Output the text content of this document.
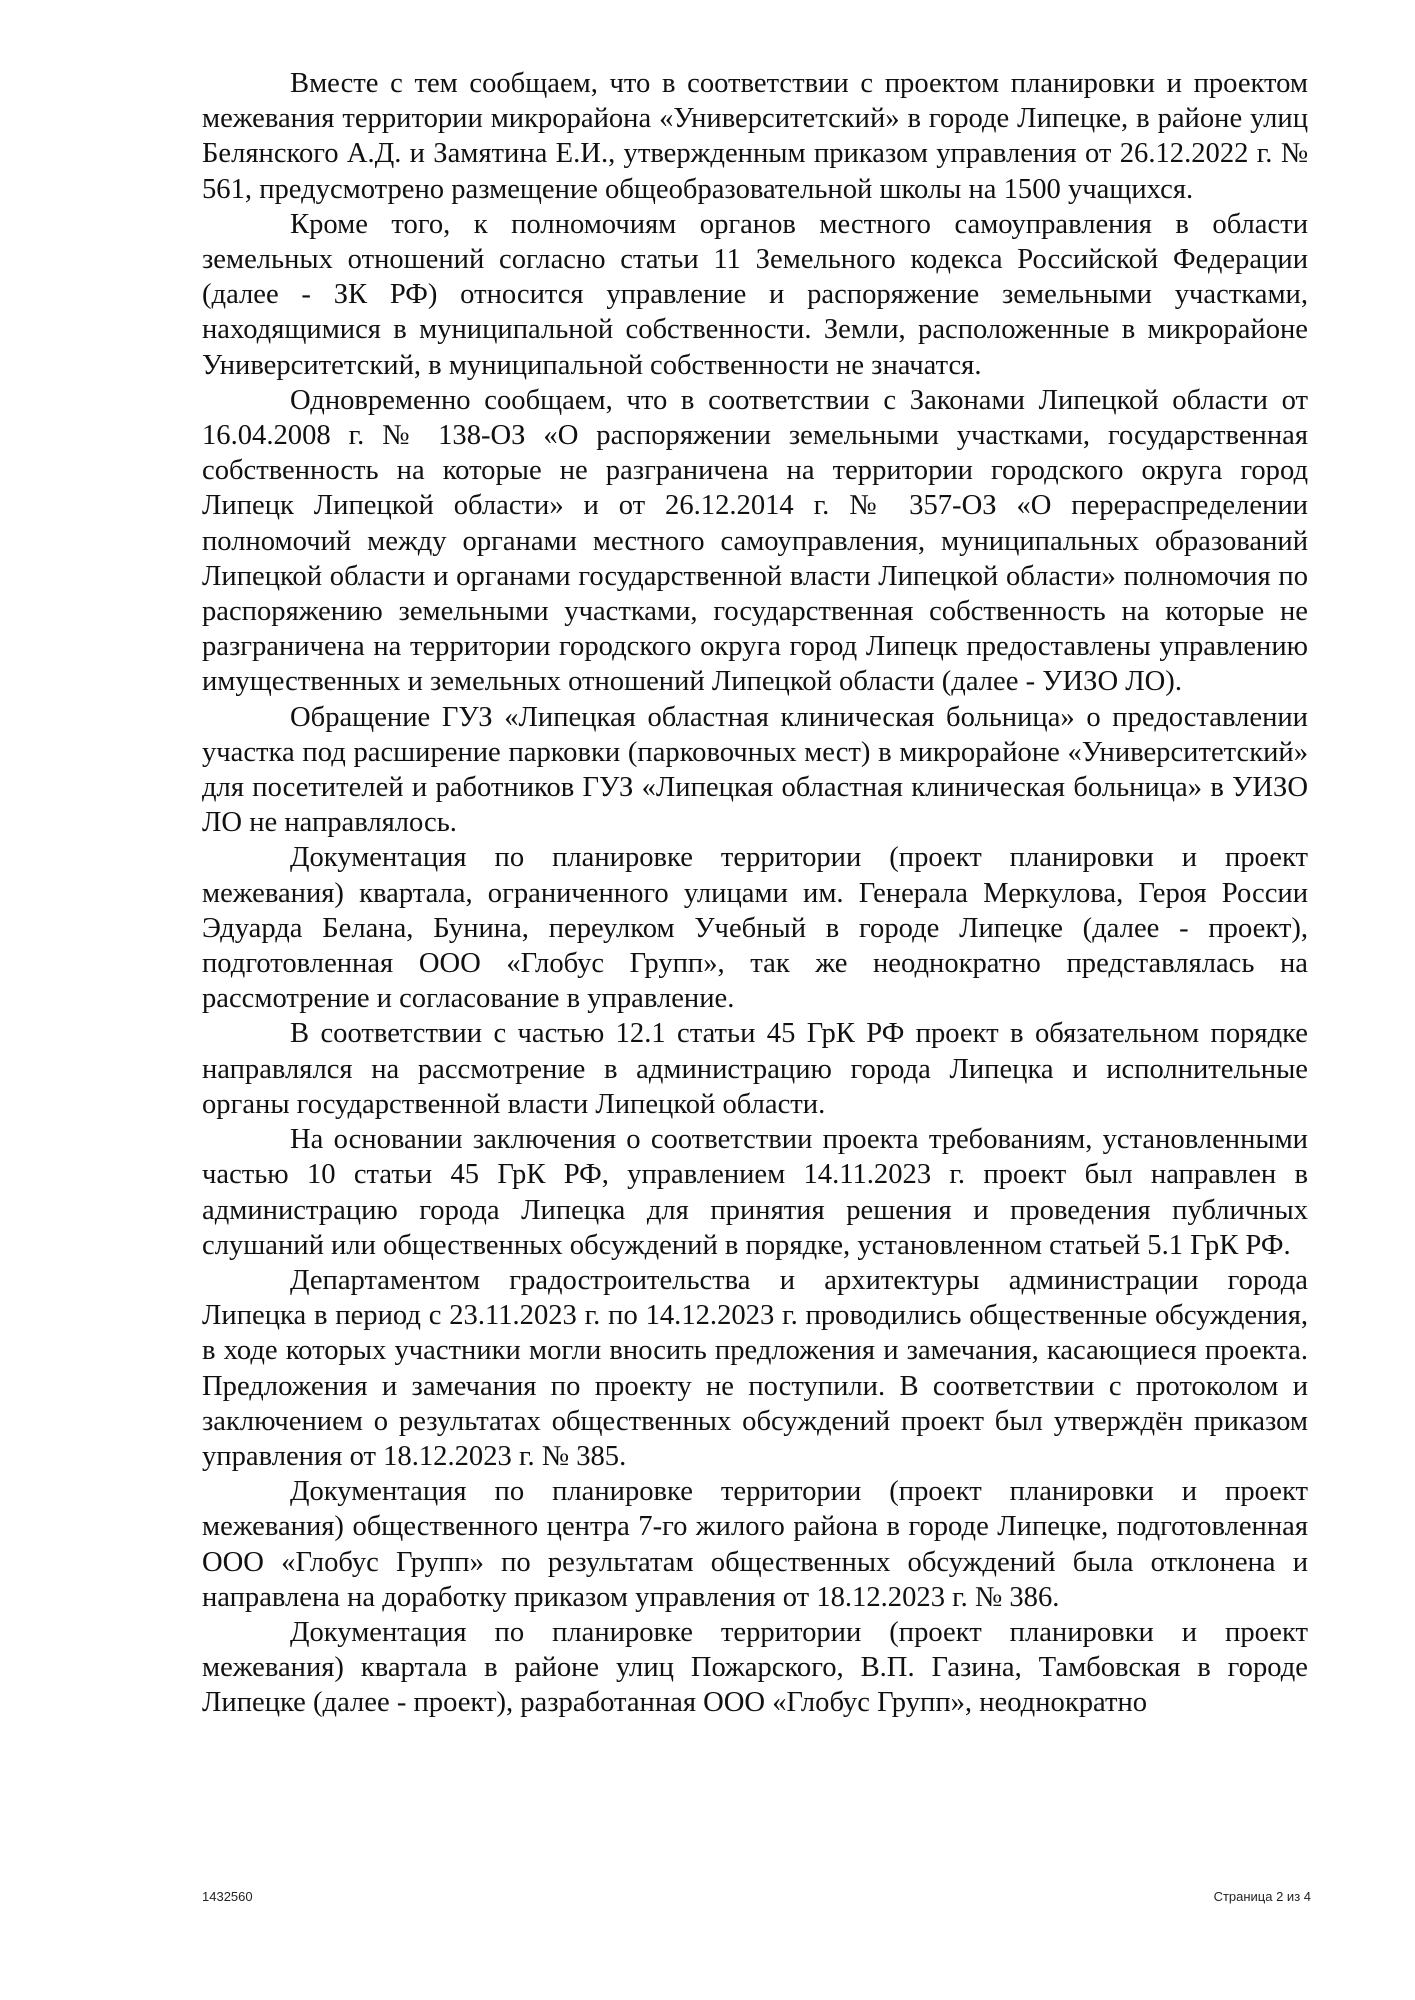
Вместе с тем сообщаем, что в соответствии с проектом планировки и проектом межевания территории микрорайона «Университетский» в городе Липецке, в районе улиц Белянского А.Д. и Замятина Е.И., утвержденным приказом управления от 26.12.2022 г. № 561, предусмотрено размещение общеобразовательной школы на 1500 учащихся.

Кроме того, к полномочиям органов местного самоуправления в области земельных отношений согласно статьи 11 Земельного кодекса Российской Федерации (далее - ЗК РФ) относится управление и распоряжение земельными участками, находящимися в муниципальной собственности. Земли, расположенные в микрорайоне Университетский, в муниципальной собственности не значатся.

Одновременно сообщаем, что в соответствии с Законами Липецкой области от 16.04.2008 г. № 138-ОЗ «О распоряжении земельными участками, государственная собственность на которые не разграничена на территории городского округа город Липецк Липецкой области» и от 26.12.2014 г. № 357-ОЗ «О перераспределении полномочий между органами местного самоуправления, муниципальных образований Липецкой области и органами государственной власти Липецкой области» полномочия по распоряжению земельными участками, государственная собственность на которые не разграничена на территории городского округа город Липецк предоставлены управлению имущественных и земельных отношений Липецкой области (далее - УИЗО ЛО).

Обращение ГУЗ «Липецкая областная клиническая больница» о предоставлении участка под расширение парковки (парковочных мест) в микрорайоне «Университетский» для посетителей и работников ГУЗ «Липецкая областная клиническая больница» в УИЗО ЛО не направлялось.

Документация по планировке территории (проект планировки и проект межевания) квартала, ограниченного улицами им. Генерала Меркулова, Героя России Эдуарда Белана, Бунина, переулком Учебный в городе Липецке (далее - проект), подготовленная ООО «Глобус Групп», так же неоднократно представлялась на рассмотрение и согласование в управление.

В соответствии с частью 12.1 статьи 45 ГрК РФ проект в обязательном порядке направлялся на рассмотрение в администрацию города Липецка и исполнительные органы государственной власти Липецкой области.

На основании заключения о соответствии проекта требованиям, установленными частью 10 статьи 45 ГрК РФ, управлением 14.11.2023 г. проект был направлен в администрацию города Липецка для принятия решения и проведения публичных слушаний или общественных обсуждений в порядке, установленном статьей 5.1 ГрК РФ.

Департаментом градостроительства и архитектуры администрации города Липецка в период с 23.11.2023 г. по 14.12.2023 г. проводились общественные обсуждения, в ходе которых участники могли вносить предложения и замечания, касающиеся проекта. Предложения и замечания по проекту не поступили. В соответствии с протоколом и заключением о результатах общественных обсуждений проект был утверждён приказом управления от 18.12.2023 г. № 385.

Документация по планировке территории (проект планировки и проект межевания) общественного центра 7-го жилого района в городе Липецке, подготовленная ООО «Глобус Групп» по результатам общественных обсуждений была отклонена и направлена на доработку приказом управления от 18.12.2023 г. № 386.

Документация по планировке территории (проект планировки и проект межевания) квартала в районе улиц Пожарского, В.П. Газина, Тамбовская в городе Липецке (далее - проект), разработанная ООО «Глобус Групп», неоднократно

1432560	Страница 2 из 4
